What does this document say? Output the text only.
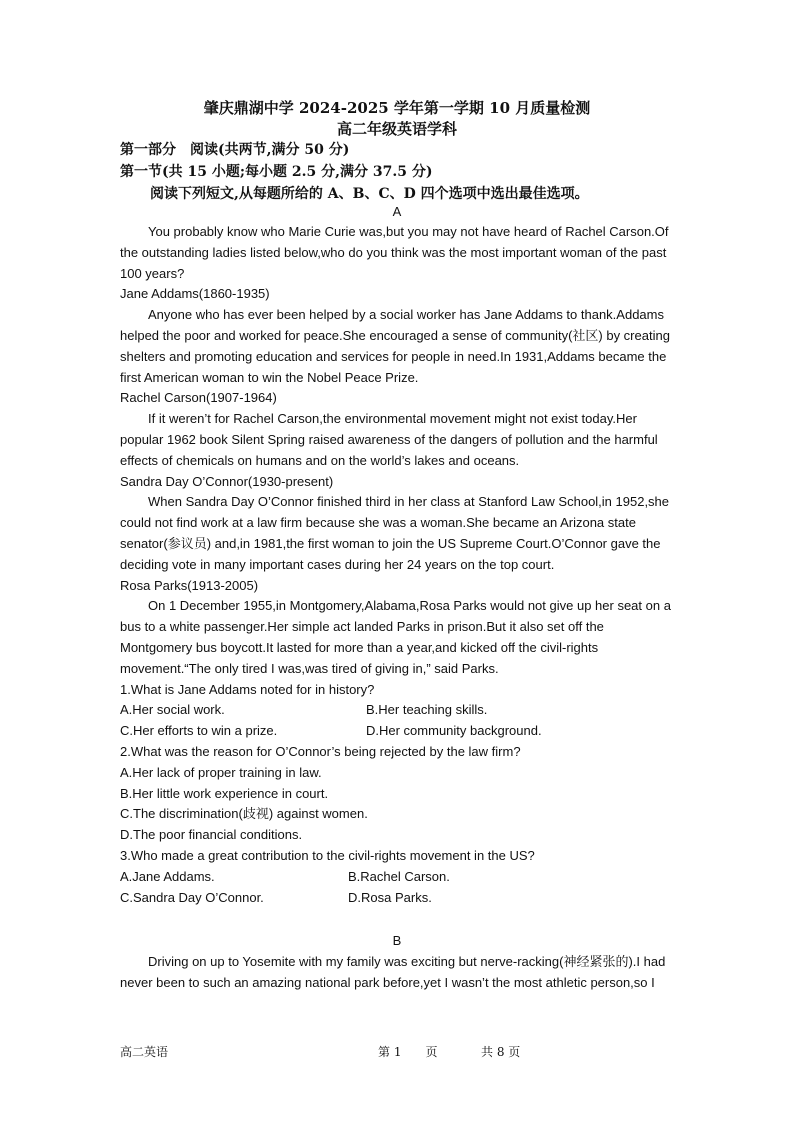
肇庆鼎湖中学 2024-2025 学年第一学期 10 月质量检测
高二年级英语学科
第一部分　阅读(共两节,满分 50 分)
第一节(共 15 小题;每小题 2.5 分,满分 37.5 分)
阅读下列短文,从每题所给的 A、B、C、D 四个选项中选出最佳选项。
A

You probably know who Marie Curie was,but you may not have heard of Rachel Carson.Of the outstanding ladies listed below,who do you think was the most important woman of the past 100 years?

Jane Addams(1860-1935)

Anyone who has ever been helped by a social worker has Jane Addams to thank.Addams helped the poor and worked for peace.She encouraged a sense of community(社区) by creating shelters and promoting education and services for people in need.In 1931,Addams became the first American woman to win the Nobel Peace Prize.

Rachel Carson(1907-1964)

If it weren’t for Rachel Carson,the environmental movement might not exist today.Her popular 1962 book Silent Spring raised awareness of the dangers of pollution and the harmful effects of chemicals on humans and on the world’s lakes and oceans.

Sandra Day O’Connor(1930-present)

When Sandra Day O’Connor finished third in her class at Stanford Law School,in 1952,she could not find work at a law firm because she was a woman.She became an Arizona state senator(参议员) and,in 1981,the first woman to join the US Supreme Court.O’Connor gave the deciding vote in many important cases during her 24 years on the top court.

Rosa Parks(1913-2005)

On 1 December 1955,in Montgomery,Alabama,Rosa Parks would not give up her seat on a bus to a white passenger.Her simple act landed Parks in prison.But it also set off the Montgomery bus boycott.It lasted for more than a year,and kicked off the civil-rights movement.“The only tired I was,was tired of giving in,” said Parks.

1.What is Jane Addams noted for in history?

A.Her social work.	B.Her teaching skills.
C.Her efforts to win a prize.	D.Her community background.

2.What was the reason for O’Connor’s being rejected by the law firm?

A.Her lack of proper training in law.

B.Her little work experience in court.

C.The discrimination(歧视) against women.

D.The poor financial conditions.

3.Who made a great contribution to the civil-rights movement in the US?

A.Jane Addams.	B.Rachel Carson.
C.Sandra Day O’Connor.	D.Rosa Parks.
B

Driving on up to Yosemite with my family was exciting but nerve-racking(神经紧张的).I had never been to such an amazing national park before,yet I wasn’t the most athletic person,so I

高二英语	第 1　　页	共 8 页
